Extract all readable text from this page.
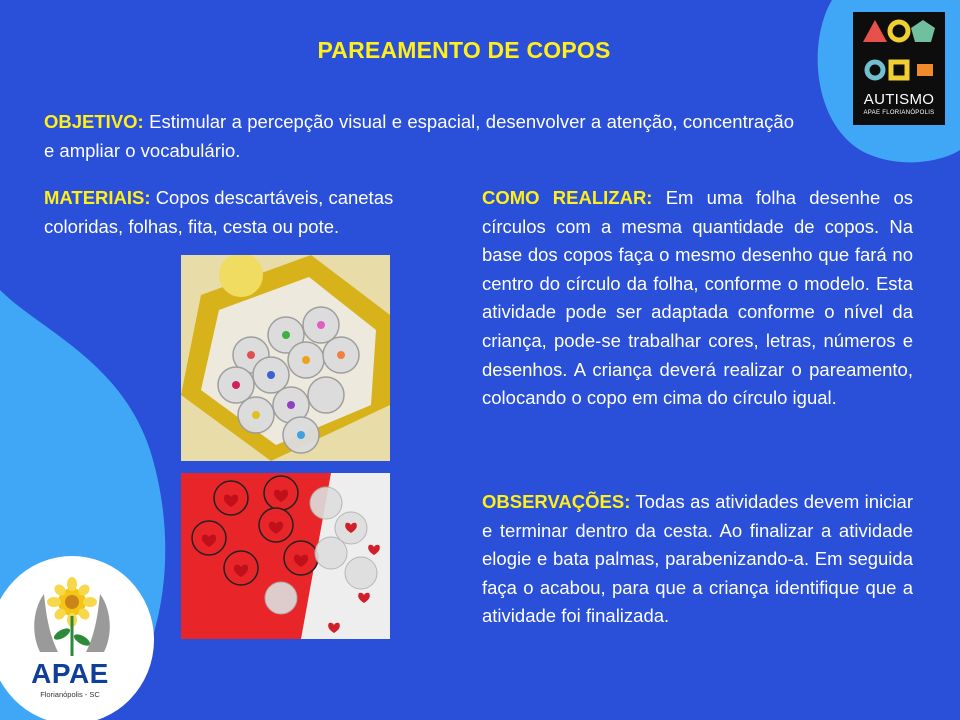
PAREAMENTO DE COPOS

OBJETIVO: Estimular a percepção visual e espacial, desenvolver a atenção, concentração e ampliar o vocabulário.

MATERIAIS: Copos descartáveis, canetas coloridas, folhas, fita, cesta ou pote.

COMO REALIZAR: Em uma folha desenhe os círculos com a mesma quantidade de copos. Na base dos copos faça o mesmo desenho que fará no centro do círculo da folha, conforme o modelo. Esta atividade pode ser adaptada conforme o nível da criança, pode-se trabalhar cores, letras, números e desenhos. A criança deverá realizar o pareamento, colocando o copo em cima do círculo igual.

OBSERVAÇÕES: Todas as atividades devem iniciar e terminar dentro da cesta. Ao finalizar a atividade elogie e bata palmas, parabenizando-a. Em seguida faça o acabou, para que a criança identifique que a atividade foi finalizada.

AUTISMO
APAE FLORIANÓPOLIS
APAE
Florianópolis - SC
